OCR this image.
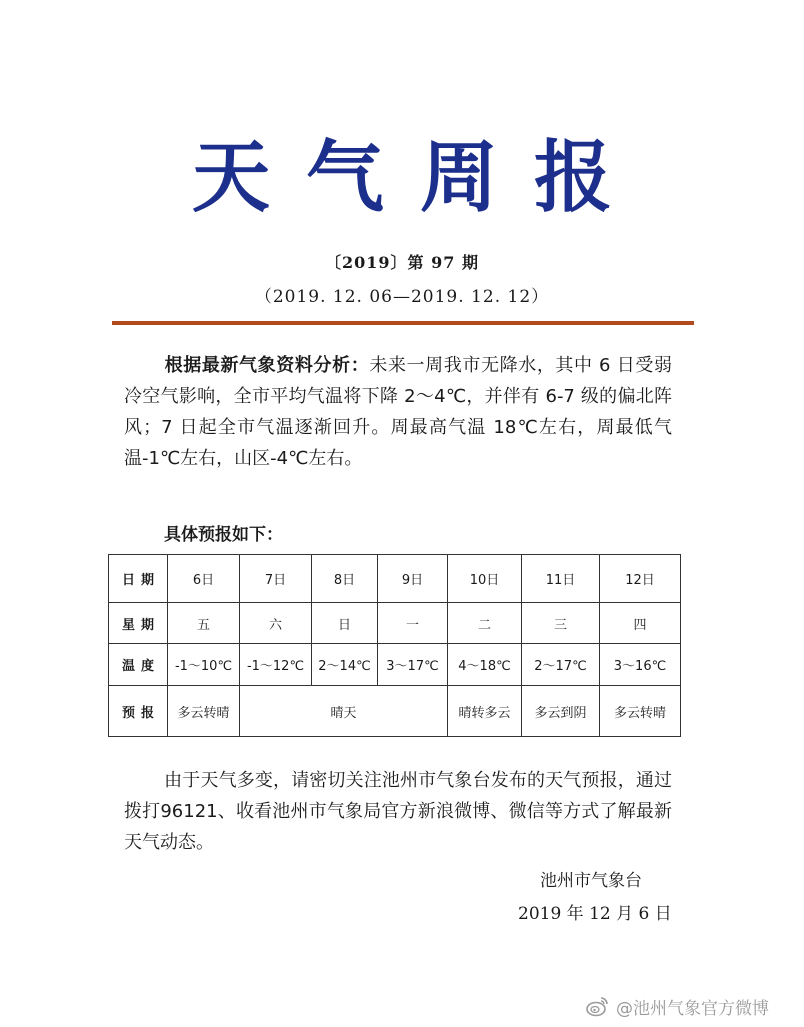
天气周报
〔2019〕第 97 期
（2019. 12. 06—2019. 12. 12）
根据最新气象资料分析：未来一周我市无降水，其中 6 日受弱冷空气影响，全市平均气温将下降 2～4℃，并伴有 6-7 级的偏北阵风；7 日起全市气温逐渐回升。周最高气温 18℃左右，周最低气温-1℃左右，山区-4℃左右。
具体预报如下：
日期	6日	7日	8日	9日	10日	11日	12日
星期	五	六	日	一	二	三	四
温度	-1～10℃	-1～12℃	2～14℃	3～17℃	4～18℃	2～17℃	3～16℃
预报	多云转晴	晴天			晴转多云	多云到阴	多云转晴
由于天气多变，请密切关注池州市气象台发布的天气预报，通过拨打96121、收看池州市气象局官方新浪微博、微信等方式了解最新天气动态。
池州市气象台
2019 年 12 月 6 日
@池州气象官方微博
